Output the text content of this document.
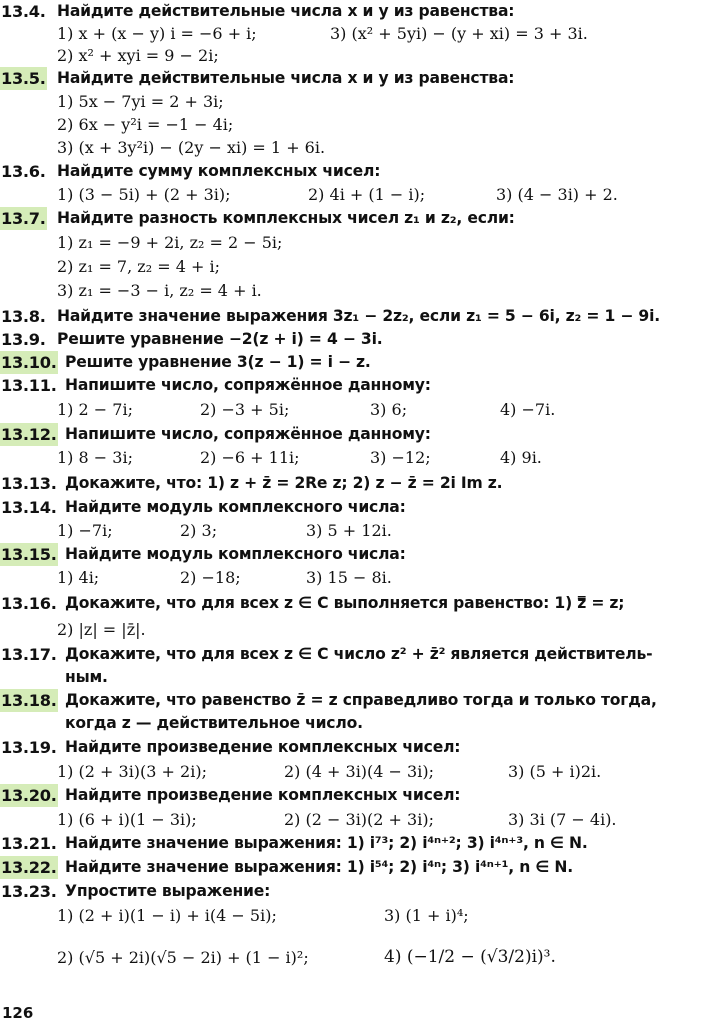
13.4. Найдите действительные числа x и y из равенства:
1) x + (x − y) i = −6 + i;	3) (x² + 5yi) − (y + xi) = 3 + 3i.
2) x² + xyi = 9 − 2i;
13.5. Найдите действительные числа x и y из равенства:
1) 5x − 7yi = 2 + 3i;
2) 6x − y²i = −1 − 4i;
3) (x + 3y²i) − (2y − xi) = 1 + 6i.
13.6. Найдите сумму комплексных чисел:
1) (3 − 5i) + (2 + 3i);	2) 4i + (1 − i);	3) (4 − 3i) + 2.
13.7. Найдите разность комплексных чисел z₁ и z₂, если:
1) z₁ = −9 + 2i, z₂ = 2 − 5i;
2) z₁ = 7, z₂ = 4 + i;
3) z₁ = −3 − i, z₂ = 4 + i.
13.8. Найдите значение выражения 3z₁ − 2z₂, если z₁ = 5 − 6i, z₂ = 1 − 9i.
13.9. Решите уравнение −2(z + i) = 4 − 3i.
13.10. Решите уравнение 3(z − 1) = i − z.
13.11. Напишите число, сопряжённое данному:
1) 2 − 7i;	2) −3 + 5i;	3) 6;	4) −7i.
13.12. Напишите число, сопряжённое данному:
1) 8 − 3i;	2) −6 + 11i;	3) −12;	4) 9i.
13.13. Докажите, что: 1) z + z̄ = 2Re z; 2) z − z̄ = 2i Im z.
13.14. Найдите модуль комплексного числа:
1) −7i;	2) 3;	3) 5 + 12i.
13.15. Найдите модуль комплексного числа:
1) 4i;	2) −18;	3) 15 − 8i.
13.16. Докажите, что для всех z ∈ C выполняется равенство: 1) z̿ = z;
2) |z| = |z̄|.
13.17. Докажите, что для всех z ∈ C число z² + z̄² является действитель-
ным.
13.18. Докажите, что равенство z̄ = z справедливо тогда и только тогда,
когда z — действительное число.
13.19. Найдите произведение комплексных чисел:
1) (2 + 3i)(3 + 2i);	2) (4 + 3i)(4 − 3i);	3) (5 + i)2i.
13.20. Найдите произведение комплексных чисел:
1) (6 + i)(1 − 3i);	2) (2 − 3i)(2 + 3i);	3) 3i (7 − 4i).
13.21. Найдите значение выражения: 1) i⁷³; 2) i⁴ⁿ⁺²; 3) i⁴ⁿ⁺³, n ∈ N.
13.22. Найдите значение выражения: 1) i⁵⁴; 2) i⁴ⁿ; 3) i⁴ⁿ⁺¹, n ∈ N.
13.23. Упростите выражение:
1) (2 + i)(1 − i) + i(4 − 5i);	3) (1 + i)⁴;
2) (√5 + 2i)(√5 − 2i) + (1 − i)²;	4) (−1/2 − (√3/2)i)³.
126
